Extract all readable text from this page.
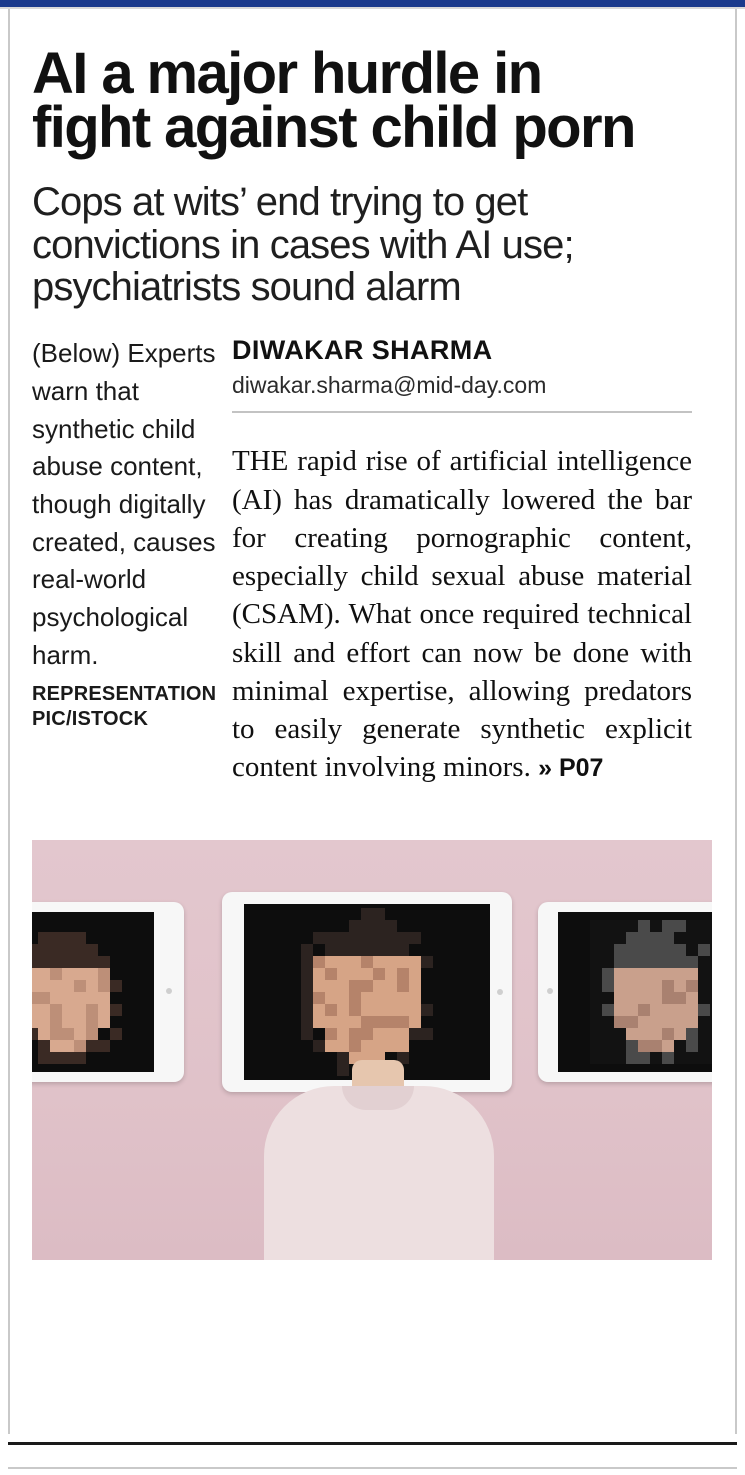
AI a major hurdle in
fight against child porn
Cops at wits’ end trying to get
convictions in cases with AI use;
psychiatrists sound alarm
(Below) Experts warn that synthetic child abuse content, though digitally created, causes real-world psychological harm.
REPRESENTATION
PIC/ISTOCK
DIWAKAR SHARMA
diwakar.sharma@mid-day.com

THE rapid rise of artificial intelligence (AI) has dramatically lowered the bar for creating pornographic content, especially child sexual abuse material (CSAM). What once required technical skill and effort can now be done with minimal expertise, allowing predators to easily generate synthetic explicit content involving minors. » P07
